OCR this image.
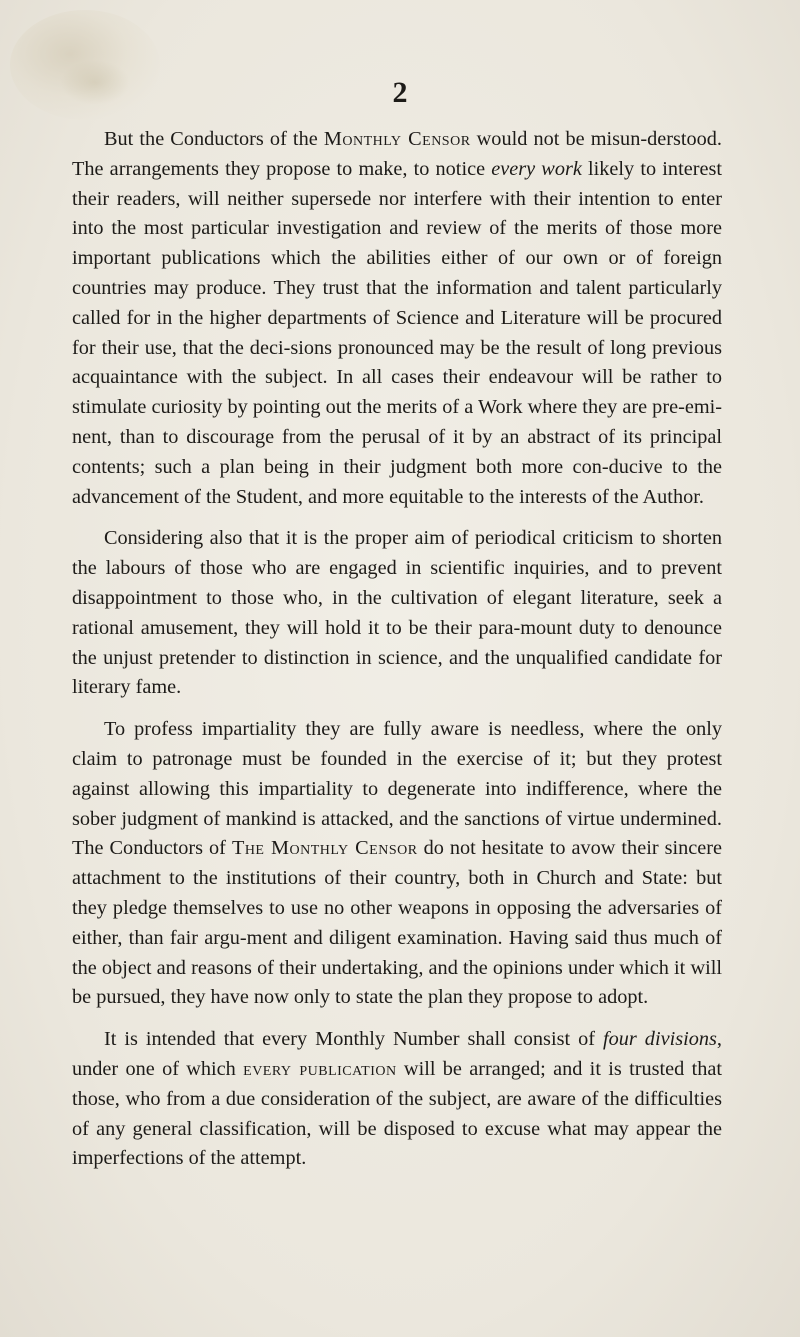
2

But the Conductors of the Monthly Censor would not be misun-derstood. The arrangements they propose to make, to notice every work likely to interest their readers, will neither supersede nor interfere with their intention to enter into the most particular investigation and review of the merits of those more important publications which the abilities either of our own or of foreign countries may produce. They trust that the information and talent particularly called for in the higher departments of Science and Literature will be procured for their use, that the deci-sions pronounced may be the result of long previous acquaintance with the subject. In all cases their endeavour will be rather to stimulate curiosity by pointing out the merits of a Work where they are pre-emi-nent, than to discourage from the perusal of it by an abstract of its principal contents; such a plan being in their judgment both more con-ducive to the advancement of the Student, and more equitable to the interests of the Author.

Considering also that it is the proper aim of periodical criticism to shorten the labours of those who are engaged in scientific inquiries, and to prevent disappointment to those who, in the cultivation of elegant literature, seek a rational amusement, they will hold it to be their para-mount duty to denounce the unjust pretender to distinction in science, and the unqualified candidate for literary fame.

To profess impartiality they are fully aware is needless, where the only claim to patronage must be founded in the exercise of it; but they protest against allowing this impartiality to degenerate into indifference, where the sober judgment of mankind is attacked, and the sanctions of virtue undermined. The Conductors of The Monthly Censor do not hesitate to avow their sincere attachment to the institutions of their country, both in Church and State: but they pledge themselves to use no other weapons in opposing the adversaries of either, than fair argu-ment and diligent examination. Having said thus much of the object and reasons of their undertaking, and the opinions under which it will be pursued, they have now only to state the plan they propose to adopt.

It is intended that every Monthly Number shall consist of four divisions, under one of which every publication will be arranged; and it is trusted that those, who from a due consideration of the subject, are aware of the difficulties of any general classification, will be disposed to excuse what may appear the imperfections of the attempt.
